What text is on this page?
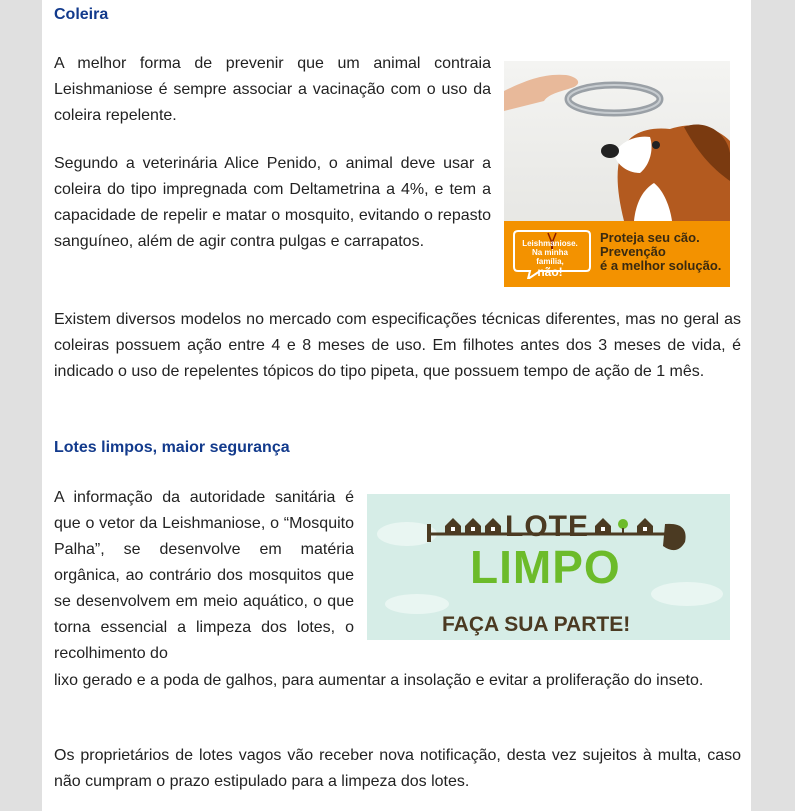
Coleira

A melhor forma de prevenir que um animal contraia Leishmaniose é sempre associar a vacinação com o uso da coleira repelente.

Segundo a veterinária Alice Penido, o animal deve usar a coleira do tipo impregnada com Deltametrina a 4%, e tem a capacidade de repelir e matar o mosquito, evitando o repasto sanguíneo, além de agir contra pulgas e carrapatos.

Existem diversos modelos no mercado com especificações técnicas diferentes, mas no geral as coleiras possuem ação entre 4 e 8 meses de uso. Em filhotes antes dos 3 meses de vida, é indicado o uso de repelentes tópicos do tipo pipeta, que possuem tempo de ação de 1 mês.

Lotes limpos, maior segurança

A informação da autoridade sanitária é que o vetor da Leishmaniose, o “Mosquito Palha”, se desenvolve em matéria orgânica, ao contrário dos mosquitos que se desenvolvem em meio aquático, o que torna essencial a limpeza dos lotes, o recolhimento do

lixo gerado e a poda de galhos, para aumentar a insolação e evitar a proliferação do inseto.

Os proprietários de lotes vagos vão receber nova notificação, desta vez sujeitos à multa, caso não cumpram o prazo estipulado para a limpeza dos lotes.

Leishmaniose.
Na minha família,
não!
Proteja seu cão.
Prevenção
é a melhor solução.
LOTE
LIMPO
FAÇA SUA PARTE!
